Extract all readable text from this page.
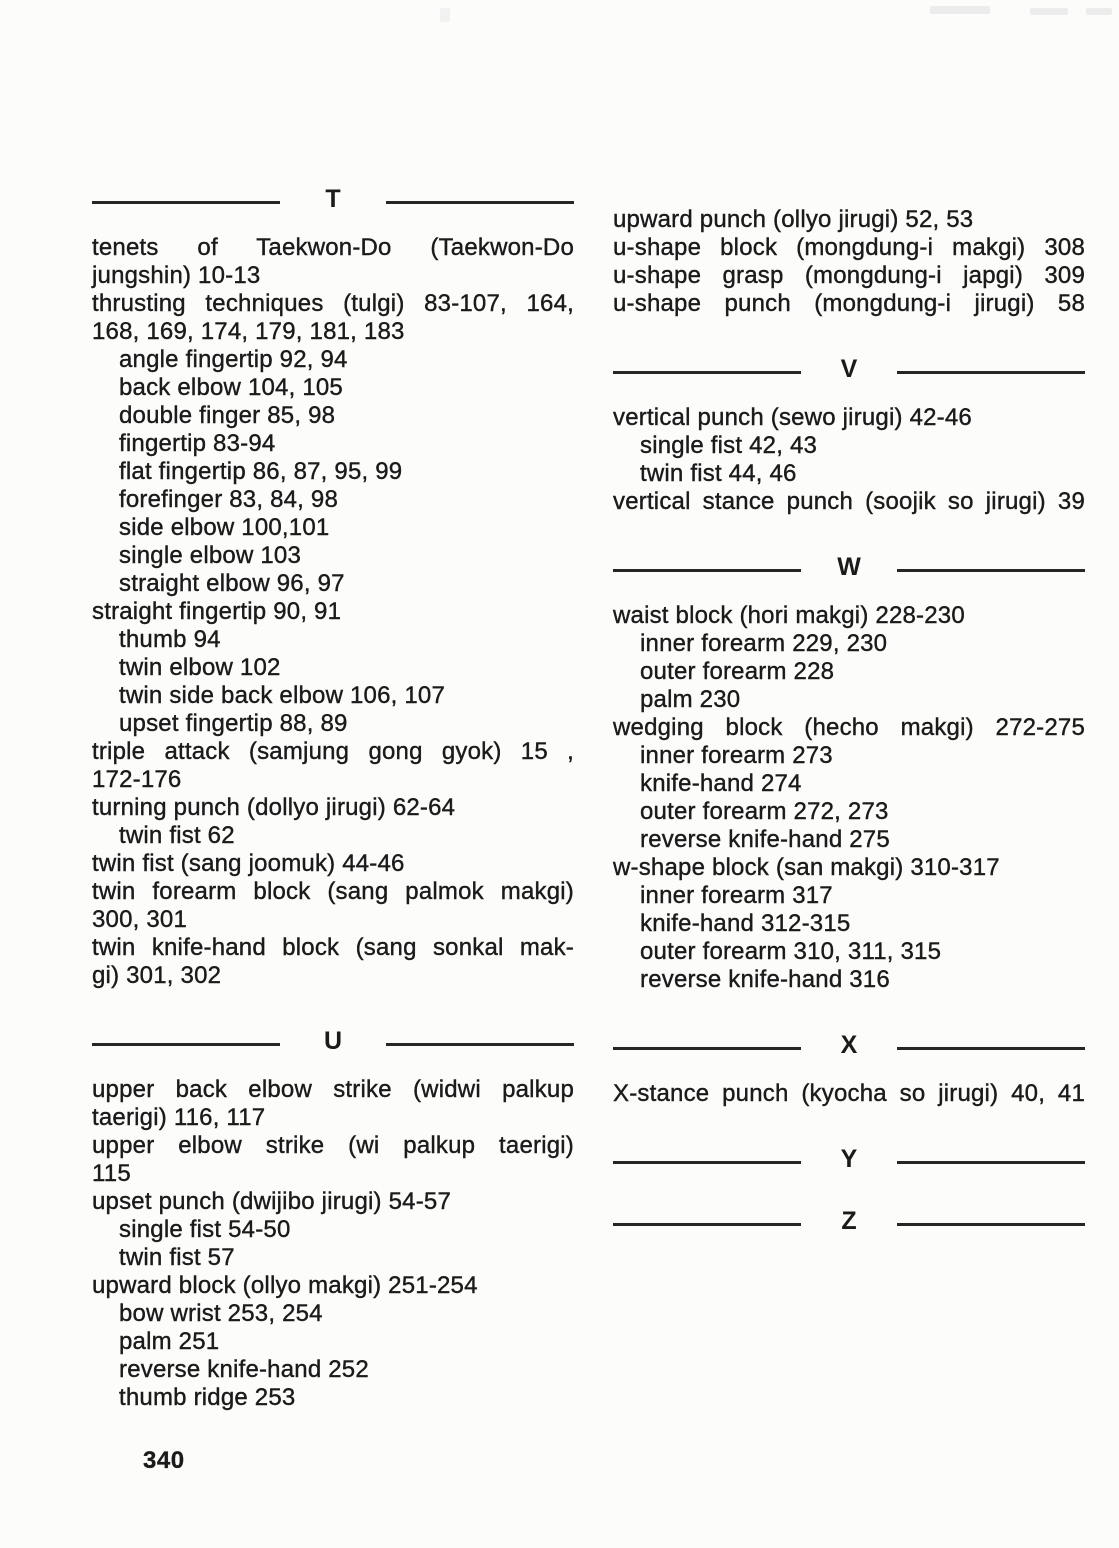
T
tenets of Taekwon-Do (Taekwon-Do
jungshin) 10-13
thrusting techniques (tulgi) 83-107, 164,
168, 169, 174, 179, 181, 183
angle fingertip 92, 94
back elbow 104, 105
double finger 85, 98
fingertip 83-94
flat fingertip 86, 87, 95, 99
forefinger 83, 84, 98
side elbow 100,101
single elbow 103
straight elbow 96, 97
straight fingertip 90, 91
thumb 94
twin elbow 102
twin side back elbow 106, 107
upset fingertip 88, 89
triple attack (samjung gong gyok) 15 ,
172-176
turning punch (dollyo jirugi) 62-64
twin fist 62
twin fist (sang joomuk) 44-46
twin forearm block (sang palmok makgi)
300, 301
twin knife-hand block (sang sonkal mak-
gi) 301, 302
U
upper back elbow strike (widwi palkup
taerigi) 116, 117
upper elbow strike (wi palkup taerigi)
115
upset punch (dwijibo jirugi) 54-57
single fist 54-50
twin fist 57
upward block (ollyo makgi) 251-254
bow wrist 253, 254
palm 251
reverse knife-hand 252
thumb ridge 253
upward punch (ollyo jirugi) 52, 53
u-shape block (mongdung-i makgi) 308
u-shape grasp (mongdung-i japgi) 309
u-shape punch (mongdung-i jirugi) 58
V
vertical punch (sewo jirugi) 42-46
single fist 42, 43
twin fist 44, 46
vertical stance punch (soojik so jirugi) 39
W
waist block (hori makgi) 228-230
inner forearm 229, 230
outer forearm 228
palm 230
wedging block (hecho makgi) 272-275
inner forearm 273
knife-hand 274
outer forearm 272, 273
reverse knife-hand 275
w-shape block (san makgi) 310-317
inner forearm 317
knife-hand 312-315
outer forearm 310, 311, 315
reverse knife-hand 316
X
X-stance punch (kyocha so jirugi) 40, 41
Y
Z
340
